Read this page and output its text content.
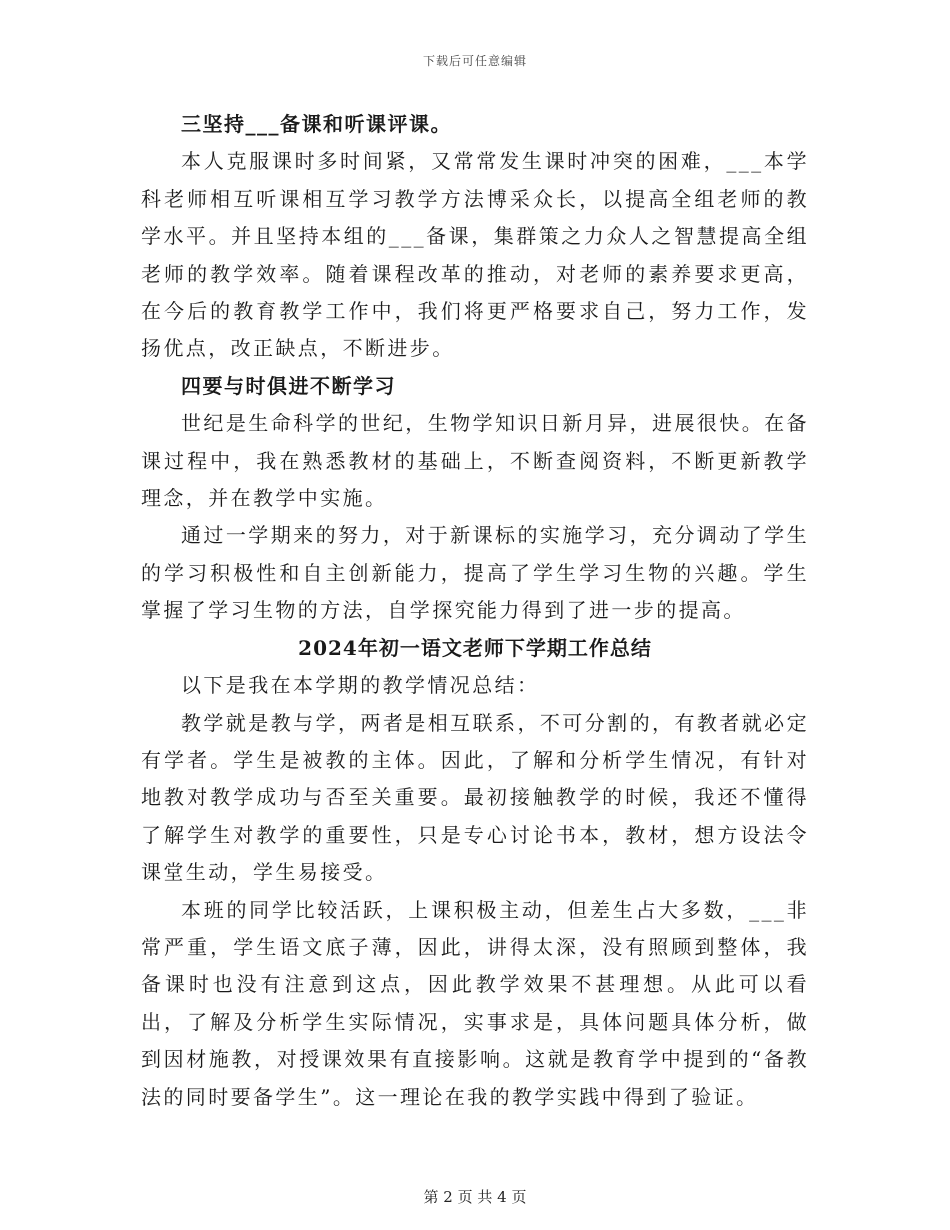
下载后可任意编辑

三坚持___备课和听课评课。

本人克服课时多时间紧，又常常发生课时冲突的困难，___本学科老师相互听课相互学习教学方法博采众长，以提高全组老师的教学水平。并且坚持本组的___备课，集群策之力众人之智慧提高全组老师的教学效率。随着课程改革的推动，对老师的素养要求更高，在今后的教育教学工作中，我们将更严格要求自己，努力工作，发扬优点，改正缺点，不断进步。

四要与时俱进不断学习

世纪是生命科学的世纪，生物学知识日新月异，进展很快。在备课过程中，我在熟悉教材的基础上，不断查阅资料，不断更新教学理念，并在教学中实施。

通过一学期来的努力，对于新课标的实施学习，充分调动了学生的学习积极性和自主创新能力，提高了学生学习生物的兴趣。学生掌握了学习生物的方法，自学探究能力得到了进一步的提高。

2024年初一语文老师下学期工作总结

以下是我在本学期的教学情况总结：

教学就是教与学，两者是相互联系，不可分割的，有教者就必定有学者。学生是被教的主体。因此，了解和分析学生情况，有针对地教对教学成功与否至关重要。最初接触教学的时候，我还不懂得了解学生对教学的重要性，只是专心讨论书本，教材，想方设法令课堂生动，学生易接受。

本班的同学比较活跃，上课积极主动，但差生占大多数，___非常严重，学生语文底子薄，因此，讲得太深，没有照顾到整体，我备课时也没有注意到这点，因此教学效果不甚理想。从此可以看出，了解及分析学生实际情况，实事求是，具体问题具体分析，做到因材施教，对授课效果有直接影响。这就是教育学中提到的“备教法的同时要备学生”。这一理论在我的教学实践中得到了验证。

第 2 页 共 4 页
